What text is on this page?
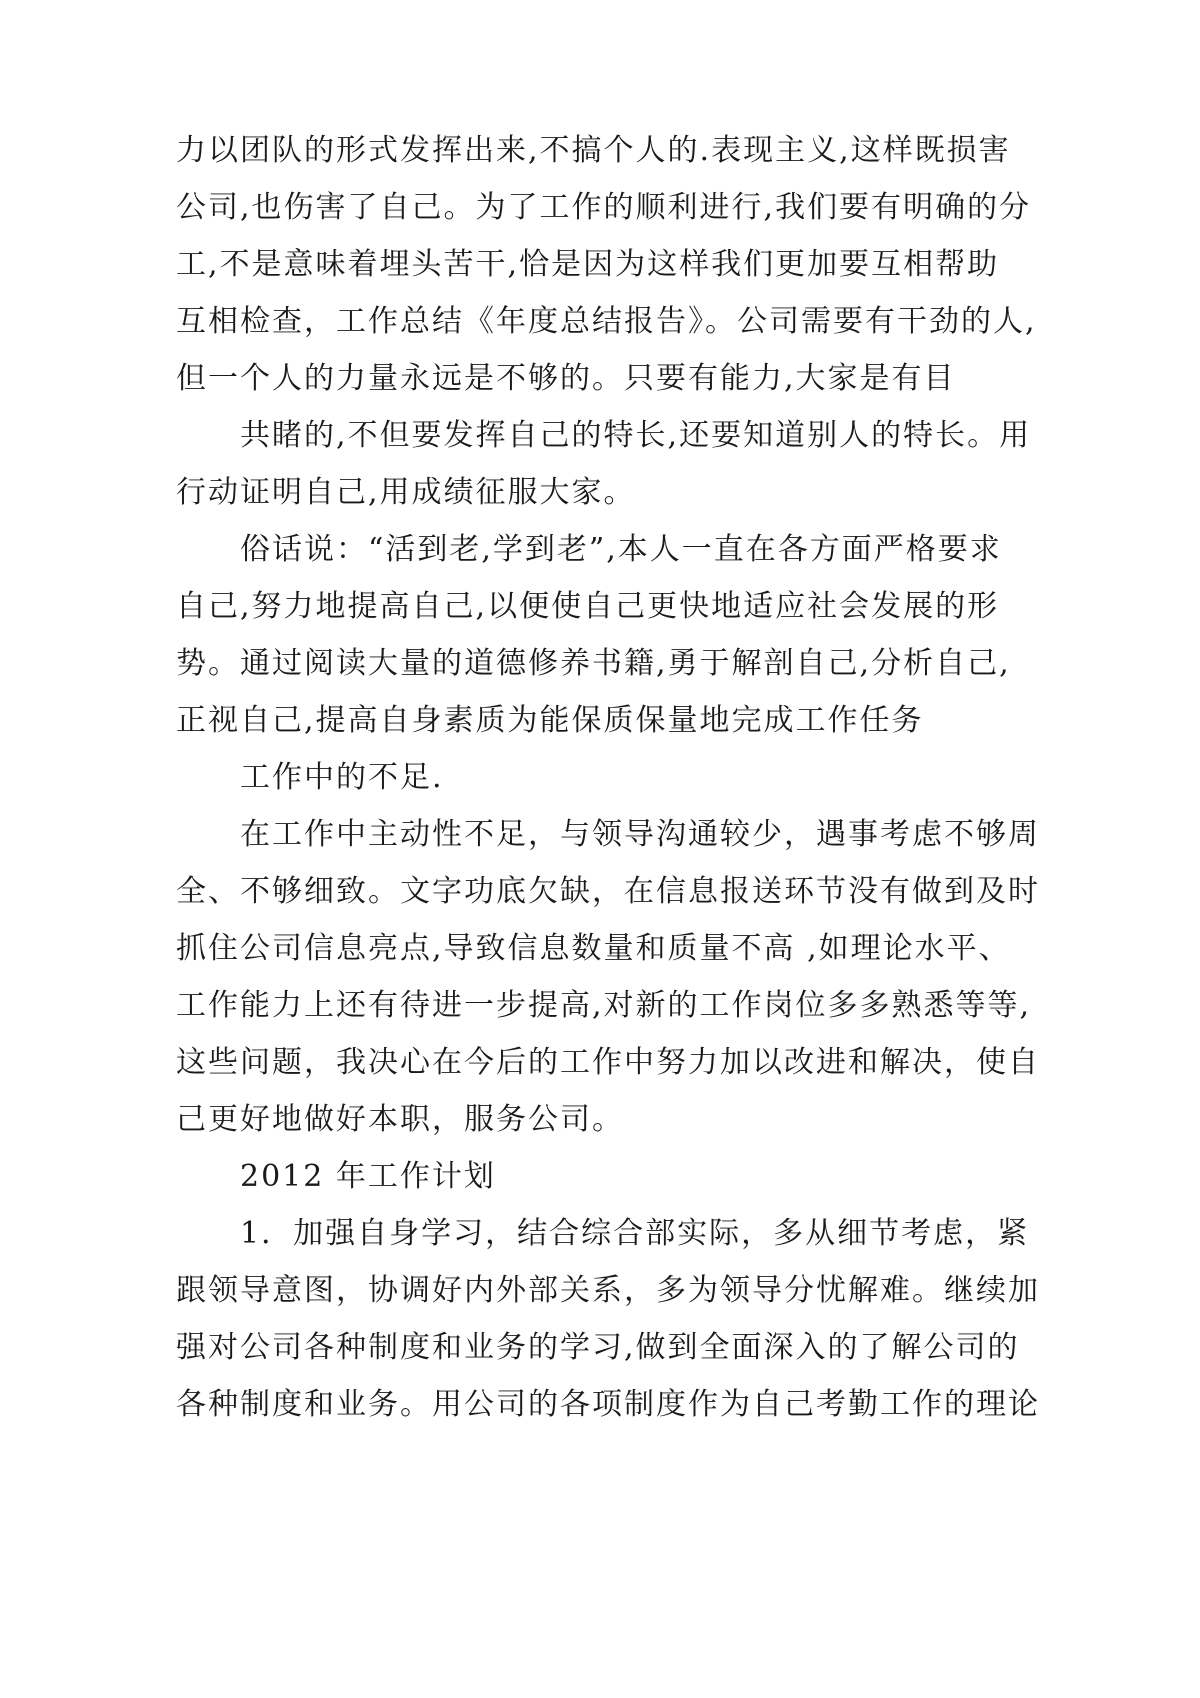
力以团队的形式发挥出来,不搞个人的.表现主义,这样既损害
公司,也伤害了自己。为了工作的顺利进行,我们要有明确的分
工,不是意味着埋头苦干,恰是因为这样我们更加要互相帮助
互相检查，工作总结《年度总结报告》。公司需要有干劲的人,
但一个人的力量永远是不够的。只要有能力,大家是有目
共睹的,不但要发挥自己的特长,还要知道别人的特长。用
行动证明自己,用成绩征服大家。
俗话说：“活到老,学到老”,本人一直在各方面严格要求
自己,努力地提高自己,以便使自己更快地适应社会发展的形
势。通过阅读大量的道德修养书籍,勇于解剖自己,分析自己,
正视自己,提高自身素质为能保质保量地完成工作任务
工作中的不足.
在工作中主动性不足，与领导沟通较少，遇事考虑不够周
全、不够细致。文字功底欠缺，在信息报送环节没有做到及时
抓住公司信息亮点,导致信息数量和质量不高 ,如理论水平、
工作能力上还有待进一步提高,对新的工作岗位多多熟悉等等,
这些问题，我决心在今后的工作中努力加以改进和解决，使自
己更好地做好本职，服务公司。
2012 年工作计划
1．加强自身学习，结合综合部实际，多从细节考虑，紧
跟领导意图，协调好内外部关系，多为领导分忧解难。继续加
强对公司各种制度和业务的学习,做到全面深入的了解公司的
各种制度和业务。用公司的各项制度作为自己考勤工作的理论
